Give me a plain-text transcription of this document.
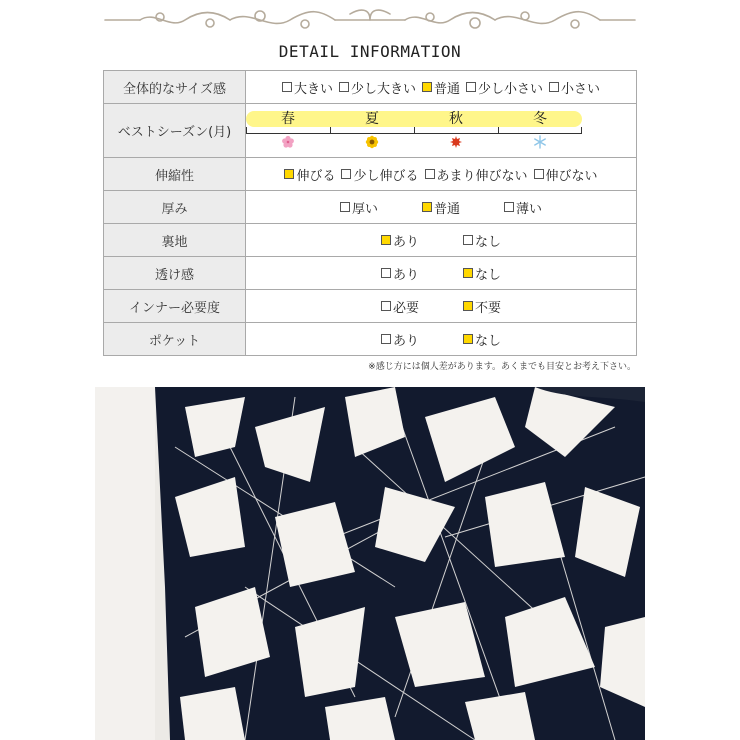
DETAIL INFORMATION
全体的なサイズ感	大きい 少し大きい 普通 少し小さい 小さい

ベストシーズン(月)	春 夏 秋 冬

伸縮性	伸びる 少し伸びる あまり伸びない 伸びない

厚み	厚い 普通 薄い

裏地	あり なし

透け感	あり なし

インナー必要度	必要 不要

ポケット	あり なし
※感じ方には個人差があります。あくまでも目安とお考え下さい。
